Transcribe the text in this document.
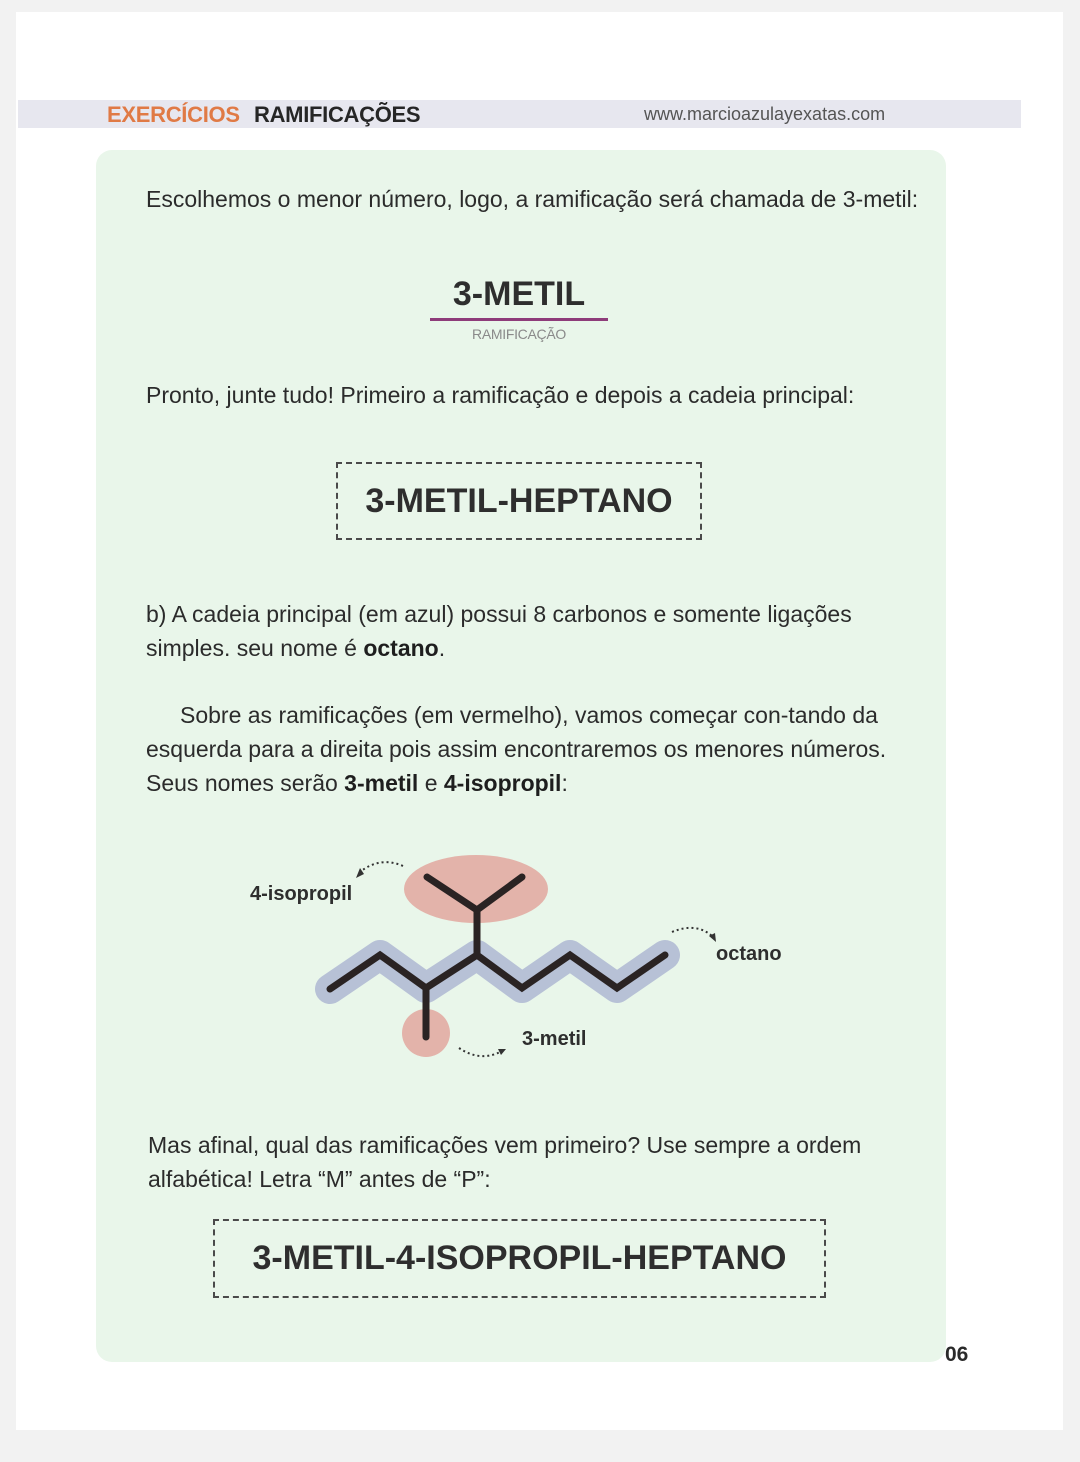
EXERCÍCIOS RAMIFICAÇÕES	www.marcioazulayexatas.com

Escolhemos o menor número, logo, a ramificação será chamada de 3-metil:

3-METIL
RAMIFICAÇÃO

Pronto, junte tudo! Primeiro a ramificação e depois a cadeia principal:

3-METIL-HEPTANO

b) A cadeia principal (em azul) possui 8 carbonos e somente ligações simples. seu nome é octano.

Sobre as ramificações (em vermelho), vamos começar con-tando da esquerda para a direita pois assim encontraremos os menores números. Seus nomes serão 3-metil e 4-isopropil:

4-isopropil
octano
3-metil

Mas afinal, qual das ramificações vem primeiro? Use sempre a ordem alfabética! Letra “M” antes de “P”:

3-METIL-4-ISOPROPIL-HEPTANO
06
